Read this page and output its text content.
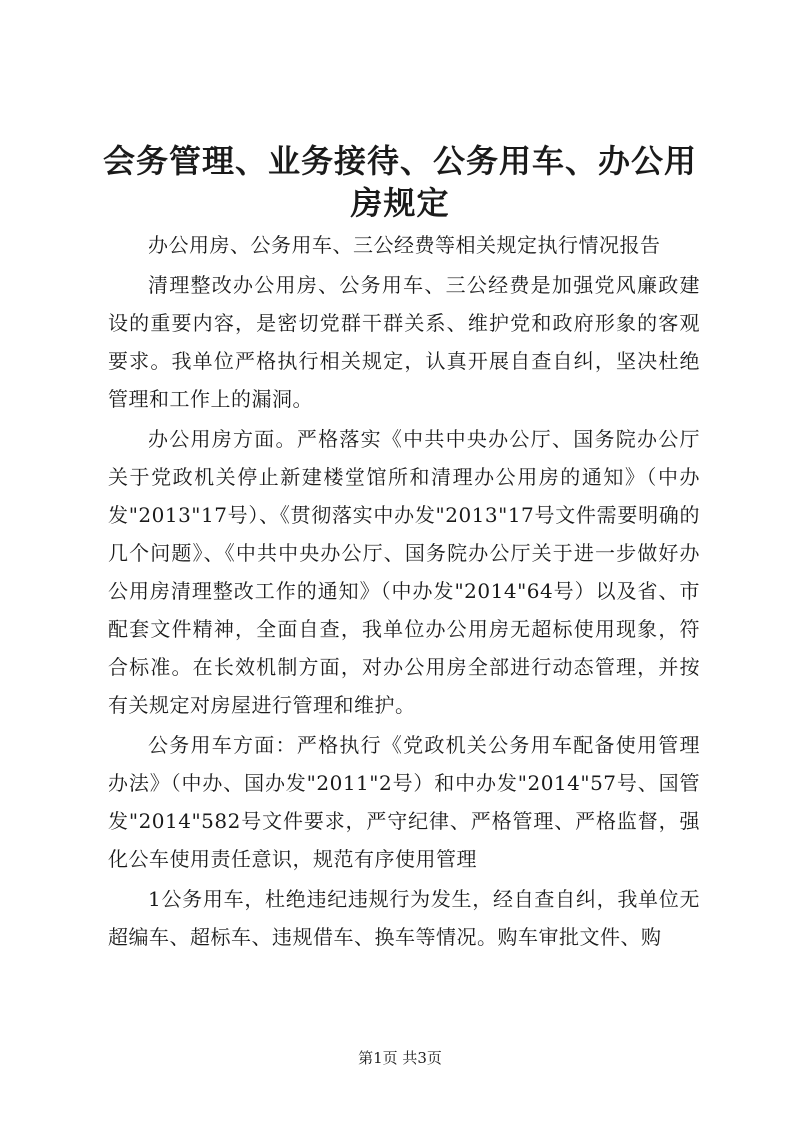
会务管理、业务接待、公务用车、办公用房规定

办公用房、公务用车、三公经费等相关规定执行情况报告

清理整改办公用房、公务用车、三公经费是加强党风廉政建设的重要内容，是密切党群干群关系、维护党和政府形象的客观要求。我单位严格执行相关规定，认真开展自查自纠，坚决杜绝管理和工作上的漏洞。

办公用房方面。严格落实《中共中央办公厅、国务院办公厅关于党政机关停止新建楼堂馆所和清理办公用房的通知》（中办发"2013"17号）、《贯彻落实中办发"2013"17号文件需要明确的几个问题》、《中共中央办公厅、国务院办公厅关于进一步做好办公用房清理整改工作的通知》（中办发"2014"64号）以及省、市配套文件精神，全面自查，我单位办公用房无超标使用现象，符合标准。在长效机制方面，对办公用房全部进行动态管理，并按有关规定对房屋进行管理和维护。

公务用车方面：严格执行《党政机关公务用车配备使用管理办法》（中办、国办发"2011"2号）和中办发"2014"57号、国管发"2014"582号文件要求，严守纪律、严格管理、严格监督，强化公车使用责任意识，规范有序使用管理

1公务用车，杜绝违纪违规行为发生，经自查自纠，我单位无超编车、超标车、违规借车、换车等情况。购车审批文件、购

第1页 共3页
